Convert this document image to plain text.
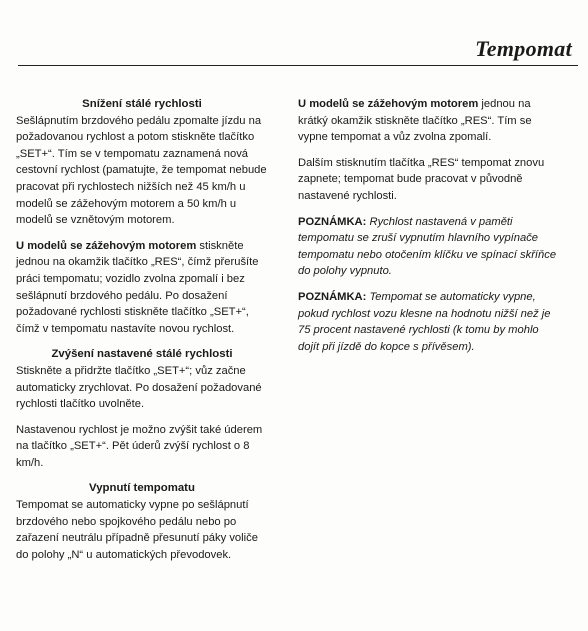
Tempomat
Snížení stálé rychlosti

Sešlápnutím brzdového pedálu zpomalte jízdu na požadovanou rychlost a potom stiskněte tlačítko „SET+“. Tím se v tempomatu zaznamená nová cestovní rychlost (pamatujte, že tempomat nebude pracovat při rychlostech nižších než 45 km/h u modelů se zážehovým motorem a 50 km/h u modelů se vznětovým motorem.

U modelů se zážehovým motorem stiskněte jednou na okamžik tlačítko „RES“, čímž přerušíte práci tempomatu; vozidlo zvolna zpomalí i bez sešlápnutí brzdového pedálu. Po dosažení požadované rychlosti stiskněte tlačítko „SET+“, čímž v tempomatu nastavíte novou rychlost.

Zvýšení nastavené stálé rychlosti

Stiskněte a přidržte tlačítko „SET+“; vůz začne automaticky zrychlovat. Po dosažení požadované rychlosti tlačítko uvolněte.

Nastavenou rychlost je možno zvýšit také úderem na tlačítko „SET+“. Pět úderů zvýší rychlost o 8 km/h.

Vypnutí tempomatu

Tempomat se automaticky vypne po sešlápnutí brzdového nebo spojkového pedálu nebo po zařazení neutrálu případně přesunutí páky voliče do polohy „N“ u automatických převodovek.

U modelů se zážehovým motorem jednou na krátký okamžik stiskněte tlačítko „RES“. Tím se vypne tempomat a vůz zvolna zpomalí.

Dalším stisknutím tlačítka „RES“ tempomat znovu zapnete; tempomat bude pracovat v původně nastavené rychlosti.

POZNÁMKA: Rychlost nastavená v paměti tempomatu se zruší vypnutím hlavního vypínače tempomatu nebo otočením klíčku ve spínací skříňce do polohy vypnuto.

POZNÁMKA: Tempomat se automaticky vypne, pokud rychlost vozu klesne na hodnotu nižší než je 75 procent nastavené rychlosti (k tomu by mohlo dojít při jízdě do kopce s přívěsem).
